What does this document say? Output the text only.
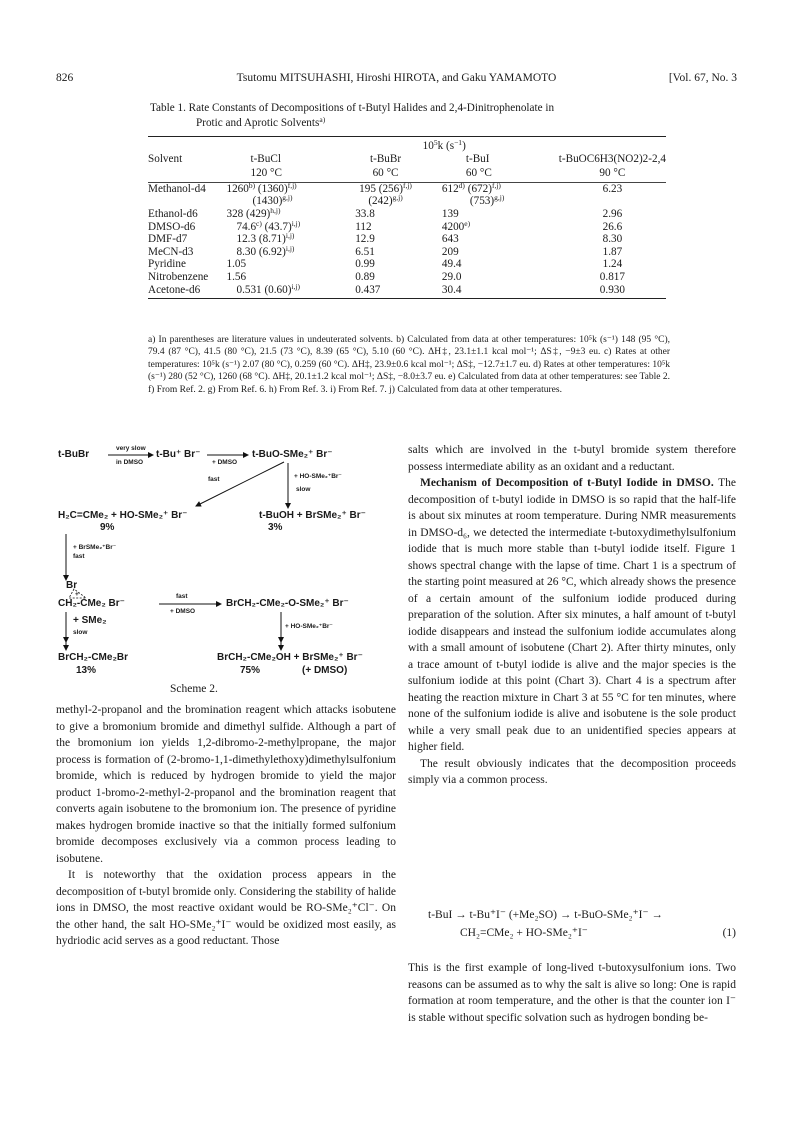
826	Tsutomu MITSUHASHI, Hiroshi HIROTA, and Gaku YAMAMOTO	[Vol. 67, No. 3
Table 1. Rate Constants of Decompositions of t-Butyl Halides and 2,4-Dinitrophenolate in
Protic and Aprotic Solvents$^{a)}$
	$10^5k$ $(s^{-1})$			
Solvent	t-BuCl	t-BuBr	t-BuI	t-BuOC6H3(NO2)2-2,4
	120 °C	60 °C	60 °C	90 °C
Methanol-d4	1260$^{b)}$ $(1360)^{f,j)}$	195 $(256)^{f,j)}$	612$^{d)}$ $(672)^{f,j)}$	6.23
	$(1430)^{g,j)}$	$(242)^{g,j)}$	$(753)^{g,j)}$	
Ethanol-d6	328 $(429)^{h,j)}$	33.8	139	2.96
DMSO-d6	74.6$^{c)}$ $(43.7)^{i,j)}$	112	4200$^{e)}$	26.6
DMF-d7	12.3 $(8.71)^{i,j)}$	12.9	643	8.30
MeCN-d3	8.30 $(6.92)^{i,j)}$	6.51	209	1.87
Pyridine	1.05	0.99	49.4	1.24
Nitrobenzene	1.56	0.89	29.0	0.817
Acetone-d6	0.531 $(0.60)^{i,j)}$	0.437	30.4	0.930
a) In parentheses are literature values in undeuterated solvents. b) Calculated from data at other temperatures: 10⁵k (s⁻¹) 148 (95 °C), 79.4 (87 °C), 41.5 (80 °C), 21.5 (73 °C), 8.39 (65 °C), 5.10 (60 °C). ΔH‡, 23.1±1.1 kcal mol⁻¹; ΔS‡, −9±3 eu. c) Rates at other temperatures: 10⁵k (s⁻¹) 2.07 (80 °C), 0.259 (60 °C). ΔH‡, 23.9±0.6 kcal mol⁻¹; ΔS‡, −12.7±1.7 eu. d) Rates at other temperatures: 10⁵k (s⁻¹) 280 (52 °C), 1260 (68 °C). ΔH‡, 20.1±1.2 kcal mol⁻¹; ΔS‡, −8.0±3.7 eu. e) Calculated from data at other temperatures: see Table 2. f) From Ref. 2. g) From Ref. 6. h) From Ref. 3. i) From Ref. 7. j) Calculated from data at other temperatures.
t-BuBr
very slow
in DMSO
t-Bu⁺ Br⁻
+ DMSO
t-BuO-SMe₂⁺ Br⁻
fast	+ HO-SMe₂⁺Br⁻
slow
H₂C=CMe₂ + HO-SMe₂⁺ Br⁻
9%
t-BuOH + BrSMe₂⁺ Br⁻
3%
+ BrSMe₂⁺Br⁻
fast
Br
+
CH₂-CMe₂ Br⁻
fast
+ DMSO
BrCH₂-CMe₂-O-SMe₂⁺ Br⁻
+ SMe₂
slow
+ HO-SMe₂⁺Br⁻
BrCH₂-CMe₂Br
13%
BrCH₂-CMe₂OH + BrSMe₂⁺ Br⁻
75%	(+ DMSO)
Scheme 2.

methyl-2-propanol and the bromination reagent which attacks isobutene to give a bromonium bromide and dimethyl sulfide. Although a part of the bromonium ion yields 1,2-dibromo-2-methylpropane, the major process is formation of (2-bromo-1,1-dimethylethoxy)dimethylsulfonium bromide, which is reduced by hydrogen bromide to yield the major product 1-bromo-2-methyl-2-propanol and the bromination reagent that converts again isobutene to the bromonium ion. The presence of pyridine makes hydrogen bromide inactive so that the initially formed sulfonium bromide decomposes exclusively via a common process leading to isobutene.

It is noteworthy that the oxidation process appears in the decomposition of t-butyl bromide only. Considering the stability of halide ions in DMSO, the most reactive oxidant would be RO-SMe₂⁺Cl⁻. On the other hand, the salt HO-SMe₂⁺I⁻ would be oxidized most easily, as hydriodic acid serves as a good reductant. Those

salts which are involved in the t-butyl bromide system therefore possess intermediate ability as an oxidant and a reductant.

Mechanism of Decomposition of t-Butyl Iodide in DMSO. The decomposition of t-butyl iodide in DMSO is so rapid that the half-life is about six minutes at room temperature. During NMR measurements in DMSO-d₆, we detected the intermediate t-butoxydimethylsulfonium iodide that is much more stable than t-butyl iodide itself. Figure 1 shows spectral change with the lapse of time. Chart 1 is a spectrum of the starting point measured at 26 °C, which already shows the presence of a certain amount of the sulfonium iodide produced during preparation of the solution. After six minutes, a half amount of t-butyl iodide disappears and instead the sulfonium iodide accumulates along with a small amount of isobutene (Chart 2). After thirty minutes, only a trace amount of t-butyl iodide is alive and the major species is the sulfonium iodide at this point (Chart 3). Chart 4 is a spectrum after heating the reaction mixture in Chart 3 at 55 °C for ten minutes, where none of the sulfonium iodide is alive and isobutene is the sole product while a very small peak due to an unidentified species appears at higher field.

The result obviously indicates that the decomposition proceeds simply via a common process.

t-BuI → t-Bu⁺I⁻ (+Me₂SO) → t-BuO-SMe₂⁺I⁻ →
CH₂=CMe₂ + HO-SMe₂⁺I⁻	(1)

This is the first example of long-lived t-butoxysulfonium ions. Two reasons can be assumed as to why the salt is alive so long: One is rapid formation at room temperature, and the other is that the counter ion I⁻ is stable without specific solvation such as hydrogen bonding be-
